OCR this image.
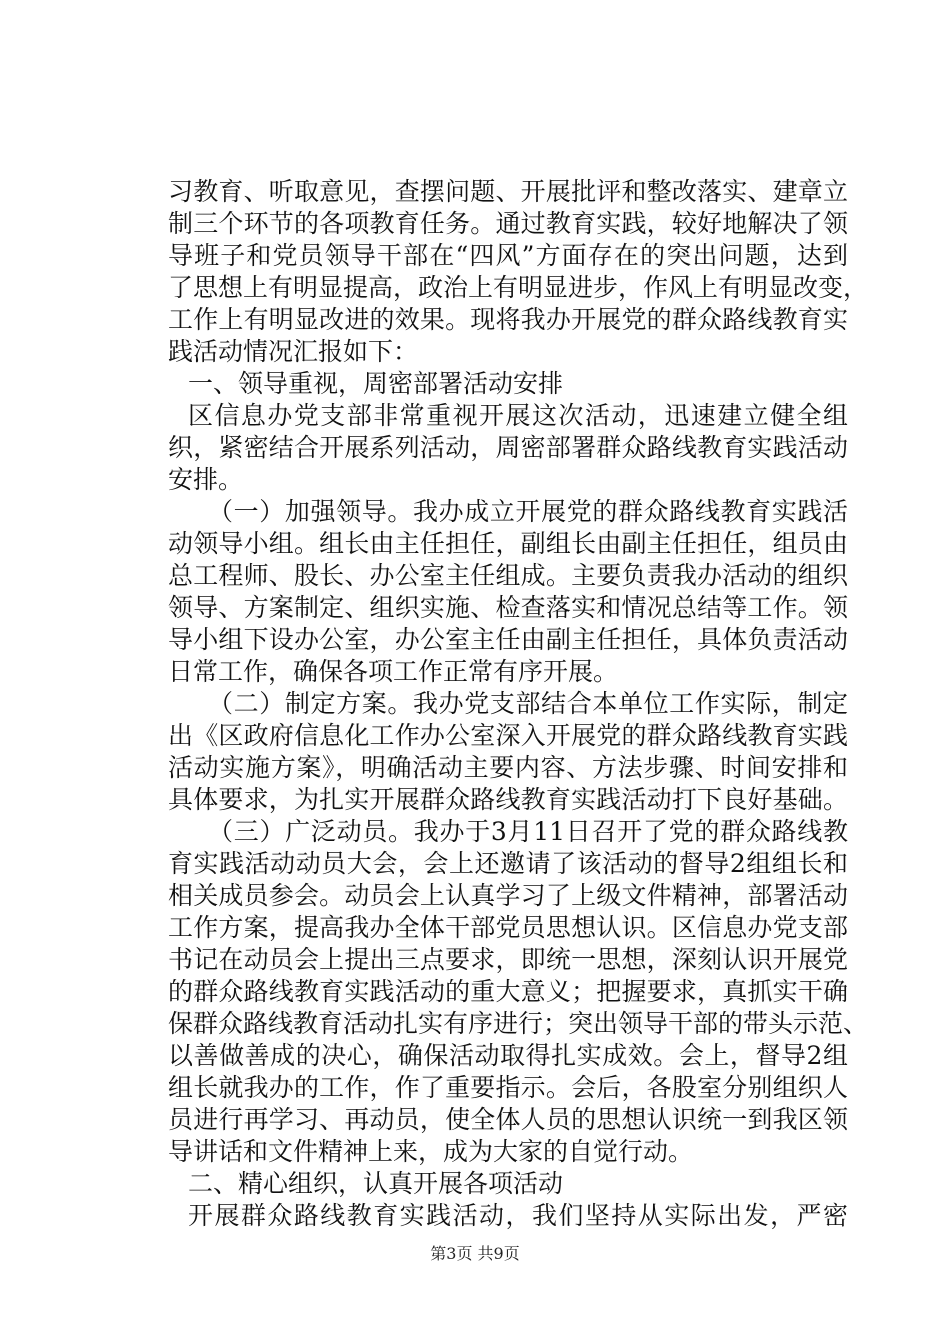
习教育、听取意见，查摆问题、开展批评和整改落实、建章立
制三个环节的各项教育任务。通过教育实践，较好地解决了领
导班子和党员领导干部在“四风”方面存在的突出问题，达到
了思想上有明显提高，政治上有明显进步，作风上有明显改变，
工作上有明显改进的效果。现将我办开展党的群众路线教育实
践活动情况汇报如下：
一、领导重视，周密部署活动安排
区信息办党支部非常重视开展这次活动，迅速建立健全组
织，紧密结合开展系列活动，周密部署群众路线教育实践活动
安排。
（一）加强领导。我办成立开展党的群众路线教育实践活
动领导小组。组长由主任担任，副组长由副主任担任，组员由
总工程师、股长、办公室主任组成。主要负责我办活动的组织
领导、方案制定、组织实施、检查落实和情况总结等工作。领
导小组下设办公室，办公室主任由副主任担任，具体负责活动
日常工作，确保各项工作正常有序开展。
（二）制定方案。我办党支部结合本单位工作实际，制定
出《区政府信息化工作办公室深入开展党的群众路线教育实践
活动实施方案》，明确活动主要内容、方法步骤、时间安排和
具体要求，为扎实开展群众路线教育实践活动打下良好基础。
（三）广泛动员。我办于3月11日召开了党的群众路线教
育实践活动动员大会，会上还邀请了该活动的督导2组组长和
相关成员参会。动员会上认真学习了上级文件精神，部署活动
工作方案，提高我办全体干部党员思想认识。区信息办党支部
书记在动员会上提出三点要求，即统一思想，深刻认识开展党
的群众路线教育实践活动的重大意义；把握要求，真抓实干确
保群众路线教育活动扎实有序进行；突出领导干部的带头示范、
以善做善成的决心，确保活动取得扎实成效。会上，督导2组
组长就我办的工作，作了重要指示。会后，各股室分别组织人
员进行再学习、再动员，使全体人员的思想认识统一到我区领
导讲话和文件精神上来，成为大家的自觉行动。
二、精心组织，认真开展各项活动
开展群众路线教育实践活动，我们坚持从实际出发，严密
第3页 共9页
